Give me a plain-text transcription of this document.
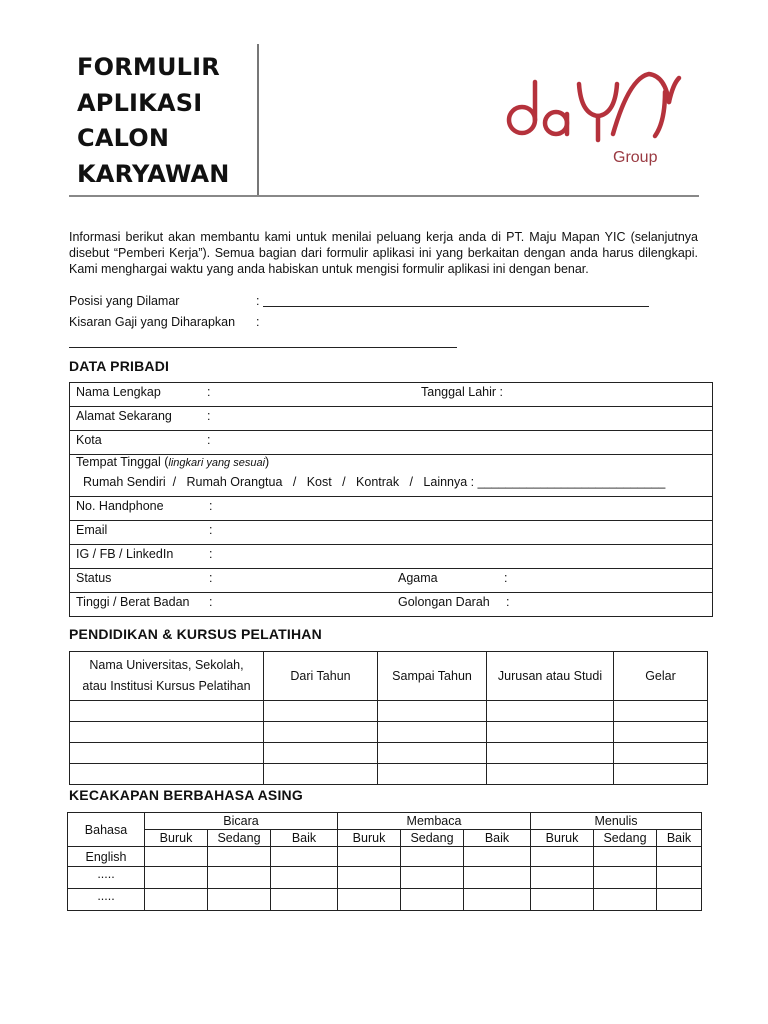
FORMULIR
APLIKASI
CALON
KARYAWAN
Group
Informasi berikut akan membantu kami untuk menilai peluang kerja anda di PT. Maju Mapan YIC (selanjutnya disebut “Pemberi Kerja”). Semua bagian dari formulir aplikasi ini yang berkaitan dengan anda harus dilengkapi. Kami menghargai waktu yang anda habiskan untuk mengisi formulir aplikasi ini dengan benar.
Posisi yang Dilamar	:
Kisaran Gaji yang Diharapkan :
DATA PRIBADI
Nama Lengkap	:	Tanggal Lahir :
Alamat Sekarang	:
Kota	:
Tempat Tinggal (lingkari yang sesuai)
Rumah Sendiri  /   Rumah Orangtua   /   Kost   /   Kontrak   /   Lainnya : ___________________________
No. Handphone	:
Email	:
IG / FB / LinkedIn	:
Status	:	Agama	:
Tinggi / Berat Badan :	Golongan Darah :
PENDIDIKAN & KURSUS PELATIHAN
Nama Universitas, Sekolah,
atau Institusi Kursus Pelatihan	Dari Tahun	Sampai Tahun	Jurusan atau Studi	Gelar

KECAKAPAN BERBAHASA ASING
Bahasa	Bicara			Membaca			Menulis		
	Buruk	Sedang	Baik	Buruk	Sedang	Baik	Buruk	Sedang	Baik
English									
.....									
.....									
